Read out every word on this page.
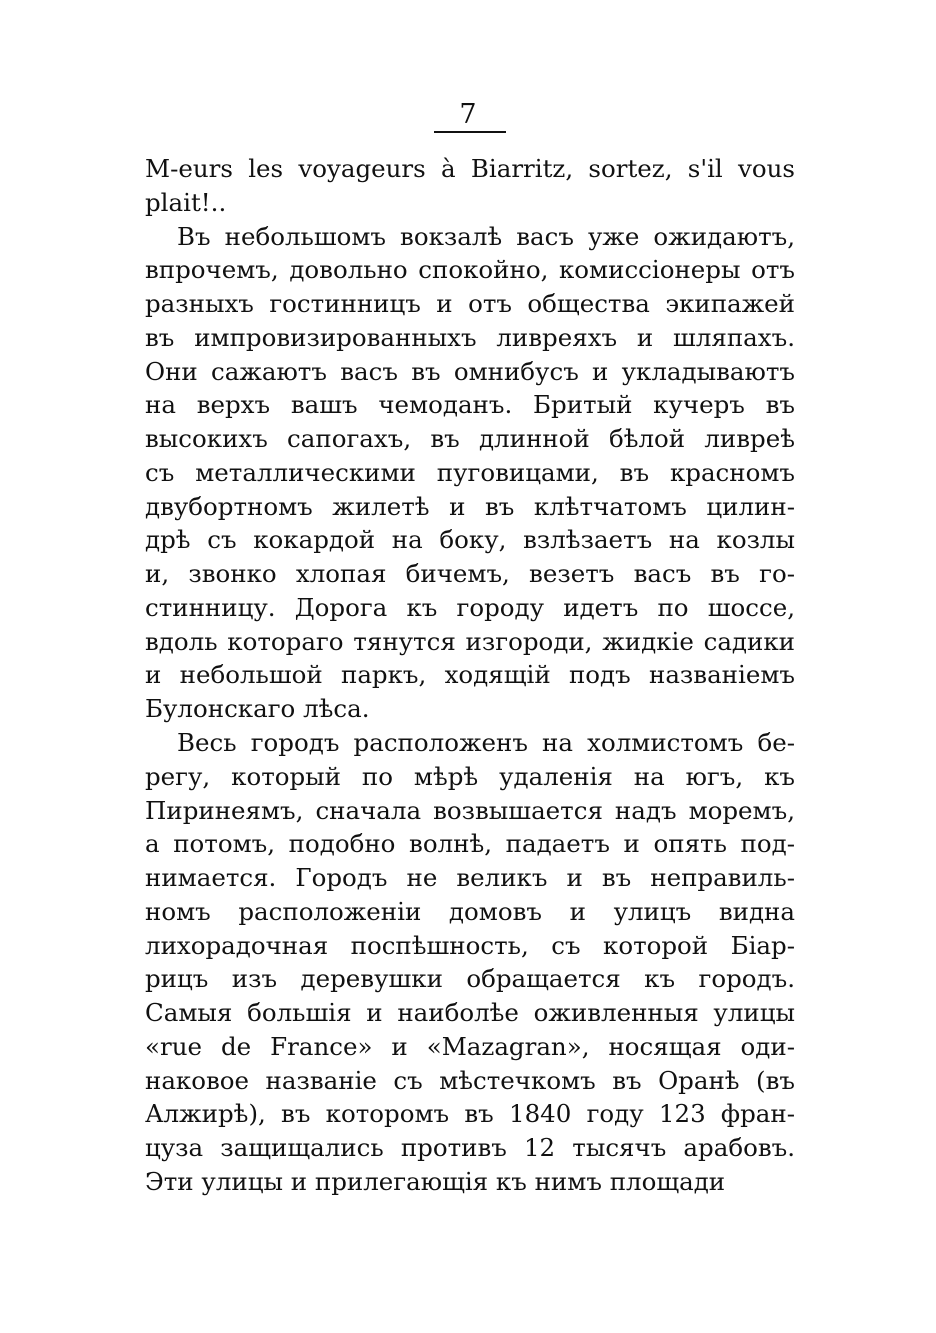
7
M-eurs les voyageurs à Biarritz, sortez, s'il vous
plait!..
Въ небольшомъ вокзалѣ васъ уже ожидаютъ,
впрочемъ, довольно спокойно, комиссіонеры отъ
разныхъ гостинницъ и отъ общества экипажей
въ импровизированныхъ ливреяхъ и шляпахъ.
Они сажаютъ васъ въ омнибусъ и укладываютъ
на верхъ вашъ чемоданъ. Бритый кучеръ въ
высокихъ сапогахъ, въ длинной бѣлой ливреѣ
съ металлическими пуговицами, въ красномъ
двубортномъ жилетѣ и въ клѣтчатомъ цилин-
дрѣ съ кокардой на боку, взлѣзаетъ на козлы
и, звонко хлопая бичемъ, везетъ васъ въ го-
стинницу. Дорога къ городу идетъ по шоссе,
вдоль котораго тянутся изгороди, жидкіе садики
и небольшой паркъ, ходящій подъ названіемъ
Булонскаго лѣса.
Весь городъ расположенъ на холмистомъ бе-
регу, который по мѣрѣ удаленія на югъ, къ
Пиринеямъ, сначала возвышается надъ моремъ,
а потомъ, подобно волнѣ, падаетъ и опять под-
нимается. Городъ не великъ и въ неправиль-
номъ расположеніи домовъ и улицъ видна
лихорадочная поспѣшность, съ которой Біар-
рицъ изъ деревушки обращается къ городъ.
Самыя большія и наиболѣе оживленныя улицы
«rue de France» и «Mazagran», носящая оди-
наковое названіе съ мѣстечкомъ въ Оранѣ (въ
Алжирѣ), въ которомъ въ 1840 году 123 фран-
цуза защищались противъ 12 тысячъ арабовъ.
Эти улицы и прилегающія къ нимъ площади
